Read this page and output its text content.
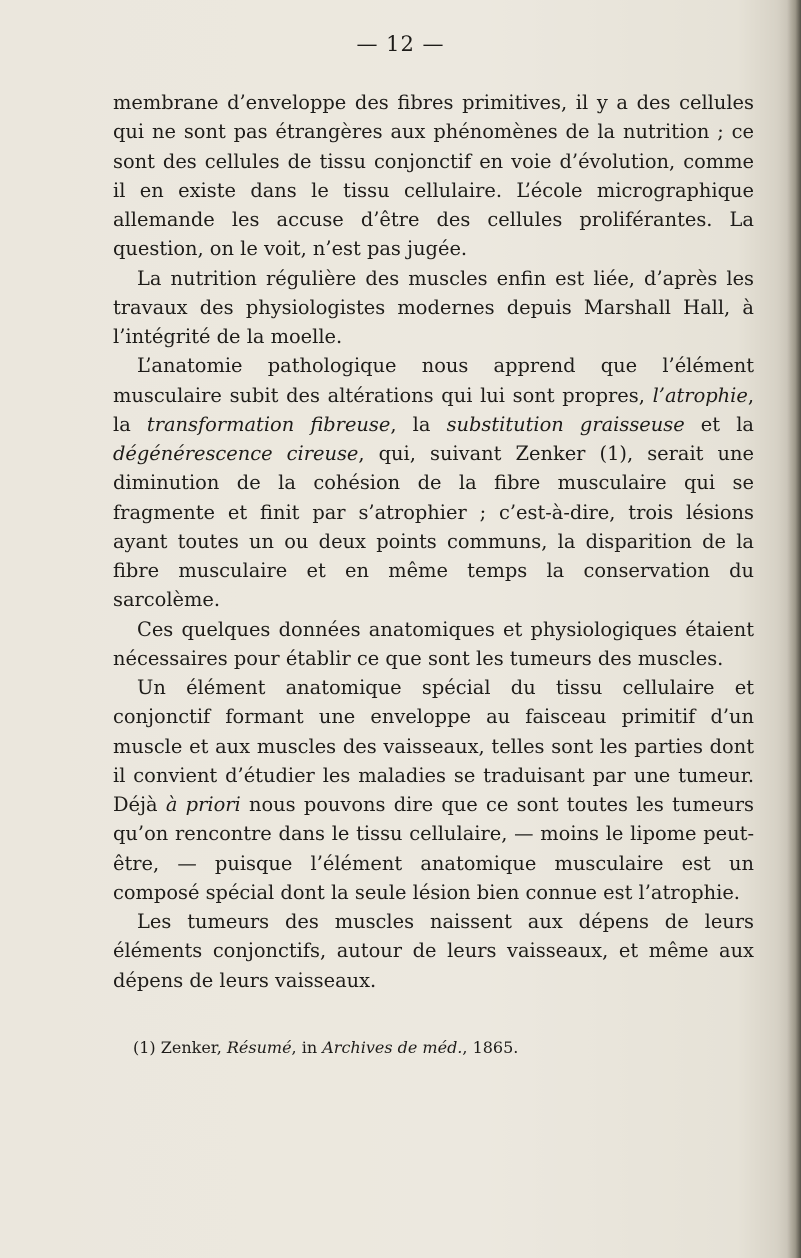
— 12 —

membrane d’enveloppe des fibres primitives, il y a des cellules qui ne sont pas étrangères aux phénomènes de la nutrition ; ce sont des cellules de tissu conjonctif en voie d’évolution, comme il en existe dans le tissu cellulaire. L’école micrographique allemande les accuse d’être des cellules proliférantes. La question, on le voit, n’est pas jugée.

La nutrition régulière des muscles enfin est liée, d’après les travaux des physiologistes modernes depuis Marshall Hall, à l’intégrité de la moelle.

L’anatomie pathologique nous apprend que l’élément musculaire subit des altérations qui lui sont propres, l’atrophie, la transformation fibreuse, la substitution graisseuse et la dégénérescence cireuse, qui, suivant Zenker (1), serait une diminution de la cohésion de la fibre musculaire qui se fragmente et finit par s’atrophier ; c’est-à-dire, trois lésions ayant toutes un ou deux points communs, la disparition de la fibre musculaire et en même temps la conservation du sarcolème.

Ces quelques données anatomiques et physiologiques étaient nécessaires pour établir ce que sont les tumeurs des muscles.

Un élément anatomique spécial du tissu cellulaire et conjonctif formant une enveloppe au faisceau primitif d’un muscle et aux muscles des vaisseaux, telles sont les parties dont il convient d’étudier les maladies se traduisant par une tumeur. Déjà à priori nous pouvons dire que ce sont toutes les tumeurs qu’on rencontre dans le tissu cellulaire, — moins le lipome peut-être, — puisque l’élément anatomique musculaire est un composé spécial dont la seule lésion bien connue est l’atrophie.

Les tumeurs des muscles naissent aux dépens de leurs éléments conjonctifs, autour de leurs vaisseaux, et même aux dépens de leurs vaisseaux.

(1) Zenker, Résumé, in Archives de méd., 1865.
